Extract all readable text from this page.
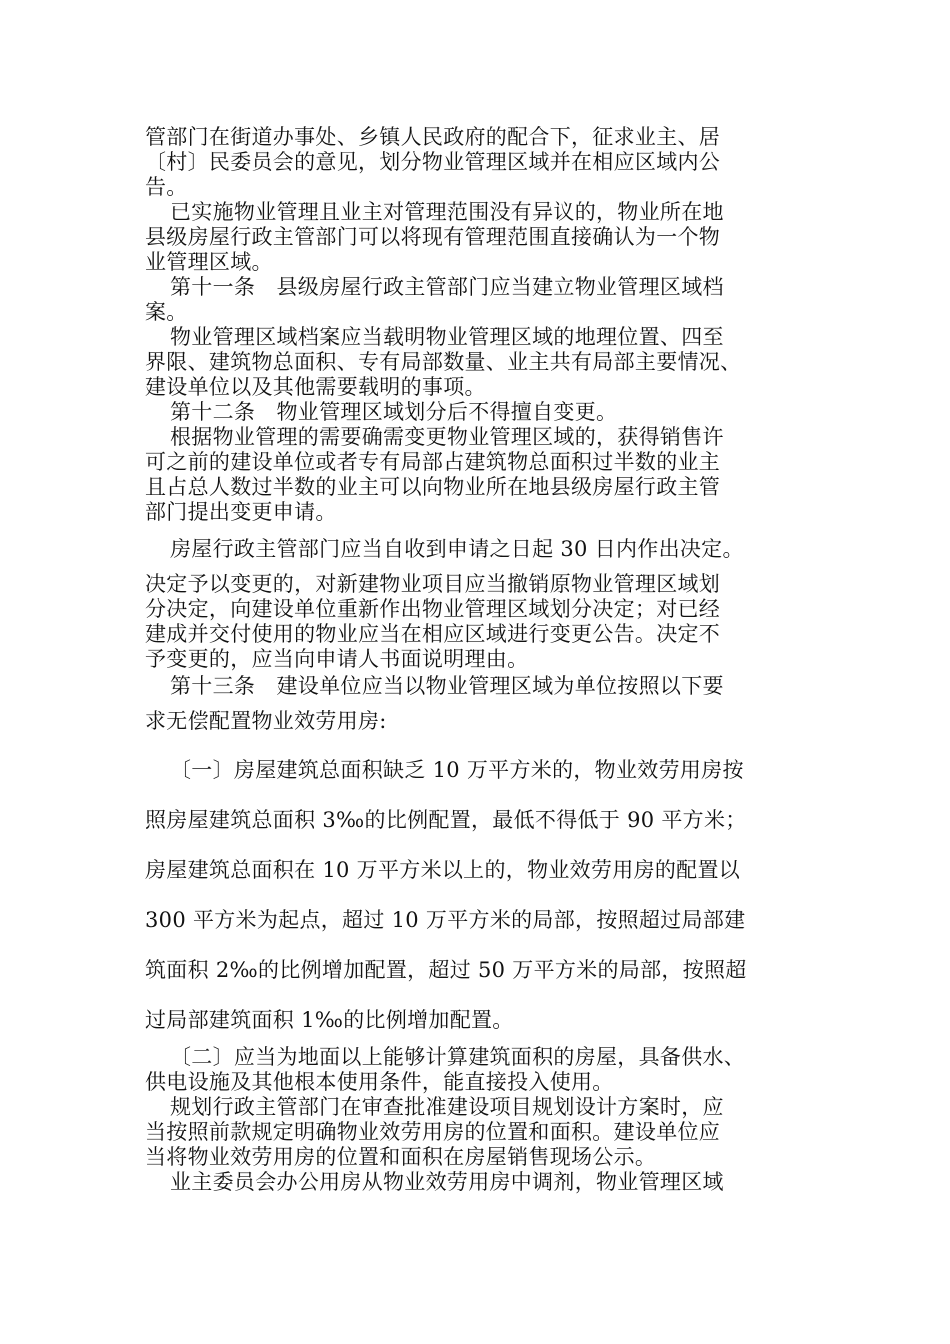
管部门在街道办事处、乡镇人民政府的配合下，征求业主、居
〔村〕民委员会的意见，划分物业管理区域并在相应区域内公
告。
已实施物业管理且业主对管理范围没有异议的，物业所在地
县级房屋行政主管部门可以将现有管理范围直接确认为一个物
业管理区域。
第十一条　县级房屋行政主管部门应当建立物业管理区域档
案。
物业管理区域档案应当载明物业管理区域的地理位置、四至
界限、建筑物总面积、专有局部数量、业主共有局部主要情况、
建设单位以及其他需要载明的事项。
第十二条　物业管理区域划分后不得擅自变更。
根据物业管理的需要确需变更物业管理区域的，获得销售许
可之前的建设单位或者专有局部占建筑物总面积过半数的业主
且占总人数过半数的业主可以向物业所在地县级房屋行政主管
部门提出变更申请。
房屋行政主管部门应当自收到申请之日起 30 日内作出决定。
决定予以变更的，对新建物业项目应当撤销原物业管理区域划
分决定，向建设单位重新作出物业管理区域划分决定；对已经
建成并交付使用的物业应当在相应区域进行变更公告。决定不
予变更的，应当向申请人书面说明理由。
第十三条　建设单位应当以物业管理区域为单位按照以下要
求无偿配置物业效劳用房:
〔一〕房屋建筑总面积缺乏 10 万平方米的，物业效劳用房按
照房屋建筑总面积 3‰的比例配置，最低不得低于 90 平方米；
房屋建筑总面积在 10 万平方米以上的，物业效劳用房的配置以
300 平方米为起点，超过 10 万平方米的局部，按照超过局部建
筑面积 2‰的比例增加配置，超过 50 万平方米的局部，按照超
过局部建筑面积 1‰的比例增加配置。
〔二〕应当为地面以上能够计算建筑面积的房屋，具备供水、
供电设施及其他根本使用条件，能直接投入使用。
规划行政主管部门在审查批准建设项目规划设计方案时，应
当按照前款规定明确物业效劳用房的位置和面积。建设单位应
当将物业效劳用房的位置和面积在房屋销售现场公示。
业主委员会办公用房从物业效劳用房中调剂，物业管理区域
